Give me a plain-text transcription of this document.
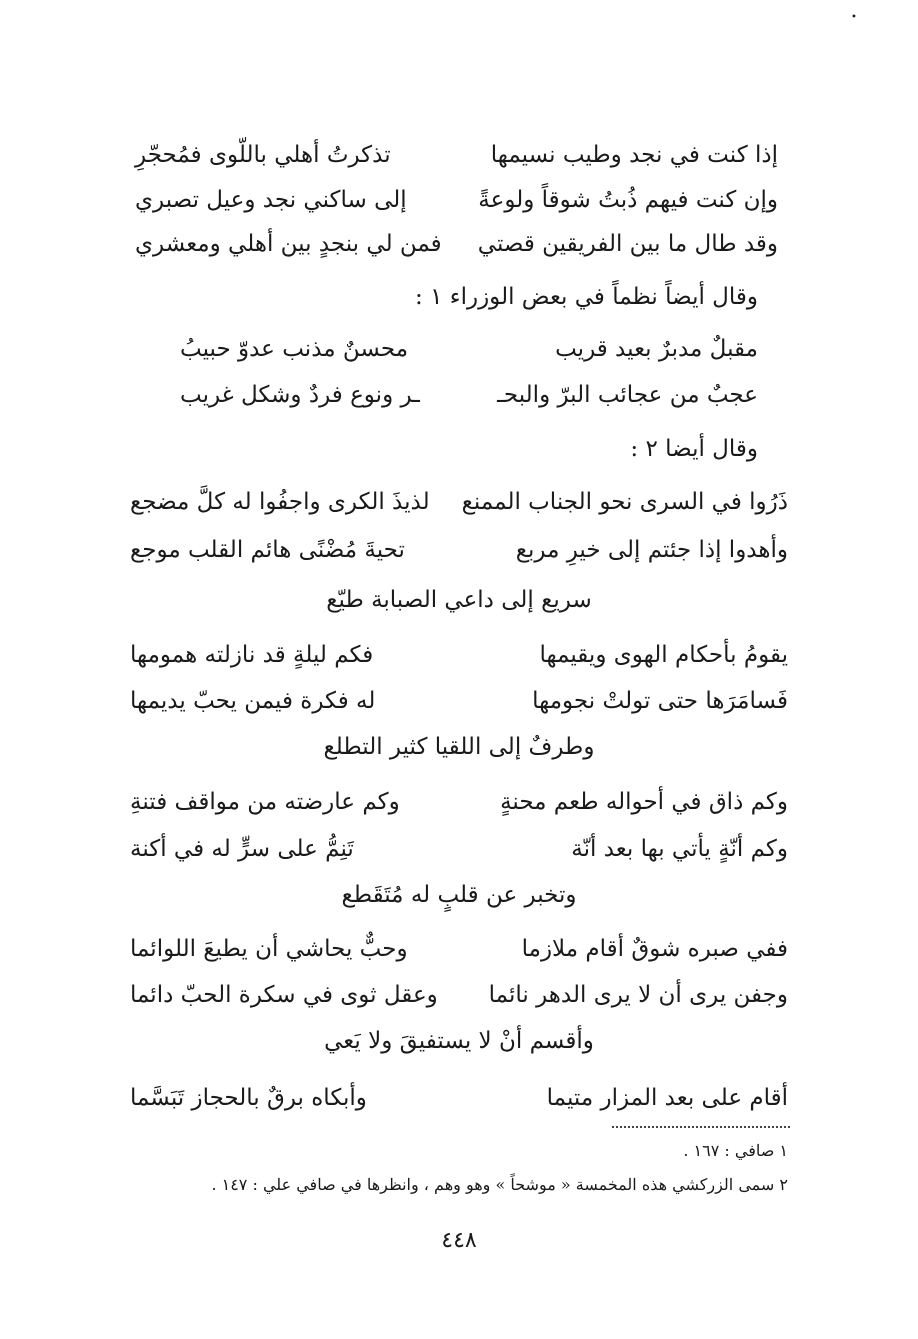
•
إذا كنت في نجد وطيب نسيمها
تذكرتُ أهلي باللّوى فمُحجّرِ
وإن كنت فيهم ذُبتُ شوقاً ولوعةً
إلى ساكني نجد وعيل تصبري
وقد طال ما بين الفريقين قصتي
فمن لي بنجدٍ بين أهلي ومعشري
وقال أيضاً نظماً في بعض الوزراء ١ :
مقبلٌ مدبرٌ بعيد قريب
محسنٌ مذنب عدوّ حبيبُ
عجبٌ من عجائب البرّ والبحـ
ـر ونوع فردٌ وشكل غريب
وقال أيضا ٢ :
ذَرُوا في السرى نحو الجناب الممنع
لذيذَ الكرى واجفُوا له كلَّ مضجع
وأهدوا إذا جئتم إلى خيرِ مربع
تحيةَ مُضْنًى هائم القلب موجع
سريع إلى داعي الصبابة طيّع
يقومُ بأحكام الهوى ويقيمها
فكم ليلةٍ قد نازلته همومها
فَسامَرَها حتى تولتْ نجومها
له فكرة فيمن يحبّ يديمها
وطرفٌ إلى اللقيا كثير التطلع
وكم ذاق في أحواله طعم محنةٍ
وكم عارضته من مواقف فتنةِ
وكم أنّةٍ يأتي بها بعد أنّة
تَنِمُّ على سرٍّ له في أكنة
وتخبر عن قلبٍ له مُتَقَطع
ففي صبره شوقٌ أقام ملازما
وحبٌّ يحاشي أن يطيعَ اللوائما
وجفن يرى أن لا يرى الدهر نائما
وعقل ثوى في سكرة الحبّ دائما
وأقسم أنْ لا يستفيقَ ولا يَعي
أقام على بعد المزار متيما
وأبكاه برقٌ بالحجاز تَبَسَّما
١ صافي : ١٦٧ .
٢ سمى الزركشي هذه المخمسة « موشحاً » وهو وهم ، وانظرها في صافي علي : ١٤٧ .
٤٤٨
